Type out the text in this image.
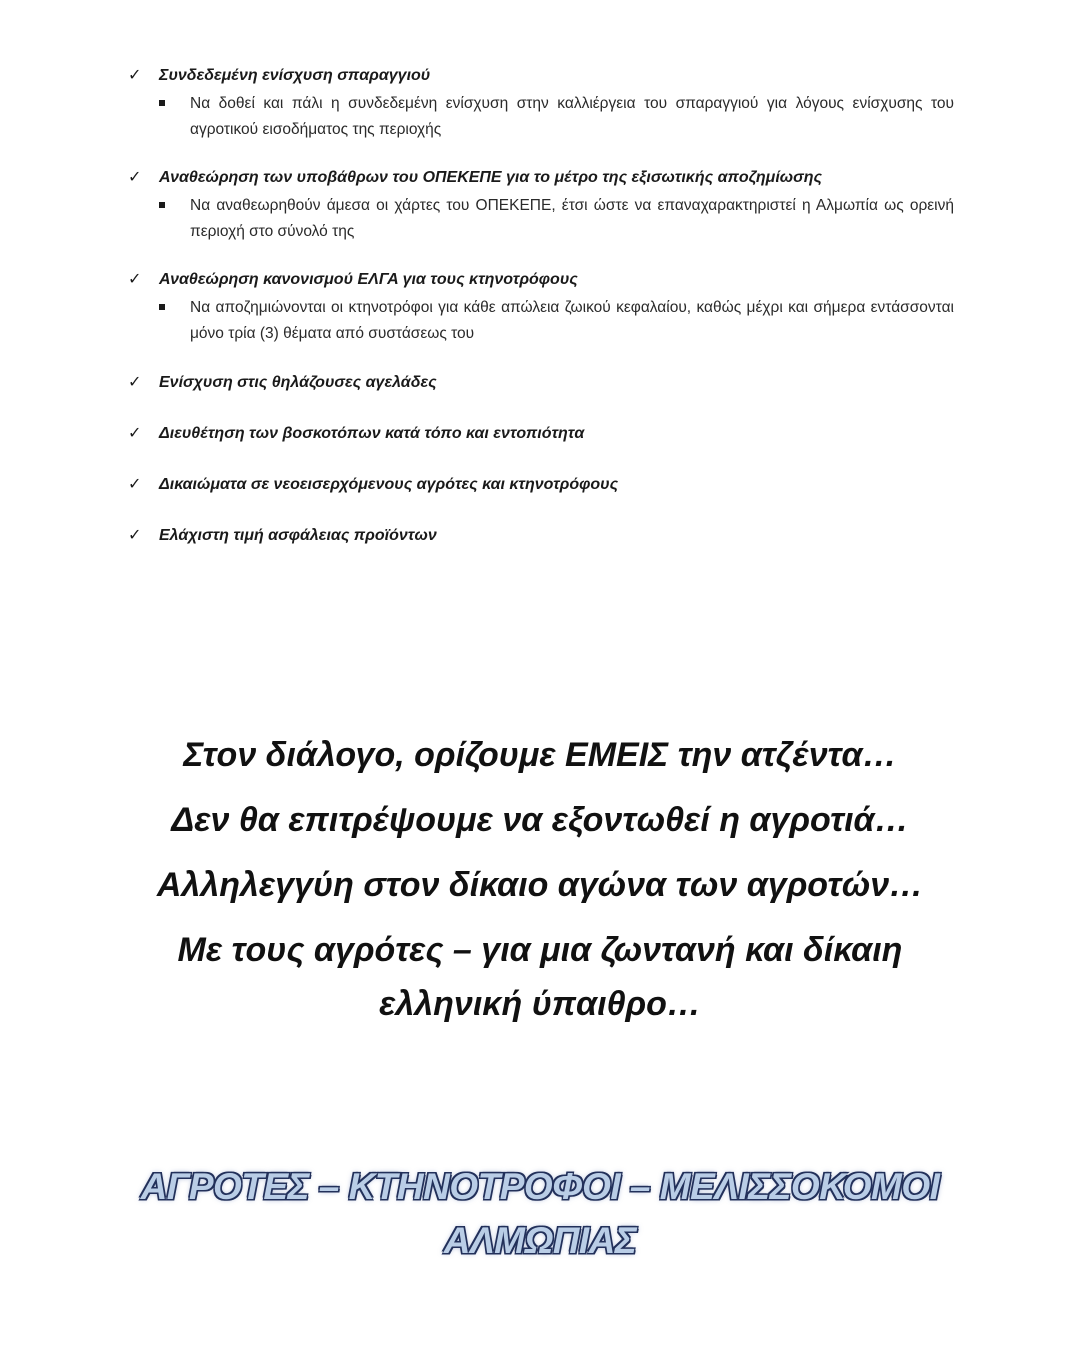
✓	Συνδεδεμένη ενίσχυση σπαραγγιού
Να δοθεί και πάλι η συνδεδεμένη ενίσχυση στην καλλιέργεια του σπαραγγιού για λόγους ενίσχυσης του αγροτικού εισοδήματος της περιοχής
✓	Αναθεώρηση των υποβάθρων του ΟΠΕΚΕΠΕ για το μέτρο της εξισωτικής αποζημίωσης
Να αναθεωρηθούν άμεσα οι χάρτες του ΟΠΕΚΕΠΕ, έτσι ώστε να επαναχαρακτηριστεί η Αλμωπία ως ορεινή περιοχή στο σύνολό της
✓	Αναθεώρηση κανονισμού ΕΛΓΑ για τους κτηνοτρόφους
Να αποζημιώνονται οι κτηνοτρόφοι για κάθε απώλεια ζωικού κεφαλαίου, καθώς μέχρι και σήμερα εντάσσονται μόνο τρία (3) θέματα από συστάσεως του
✓	Ενίσχυση στις θηλάζουσες αγελάδες
✓	Διευθέτηση των βοσκοτόπων κατά τόπο και εντοπιότητα
✓	Δικαιώματα σε νεοεισερχόμενους αγρότες και κτηνοτρόφους
✓	Ελάχιστη τιμή ασφάλειας προϊόντων
Στον διάλογο, ορίζουμε ΕΜΕΙΣ την ατζέντα…
Δεν θα επιτρέψουμε να εξοντωθεί η αγροτιά…
Αλληλεγγύη στον δίκαιο αγώνα των αγροτών…
Με τους αγρότες – για μια ζωντανή και δίκαιη
ελληνική ύπαιθρο…
ΑΓΡΟΤΕΣ – ΚΤΗΝΟΤΡΟΦΟΙ – ΜΕΛΙΣΣΟΚΟΜΟΙ
ΑΛΜΩΠΙΑΣ
